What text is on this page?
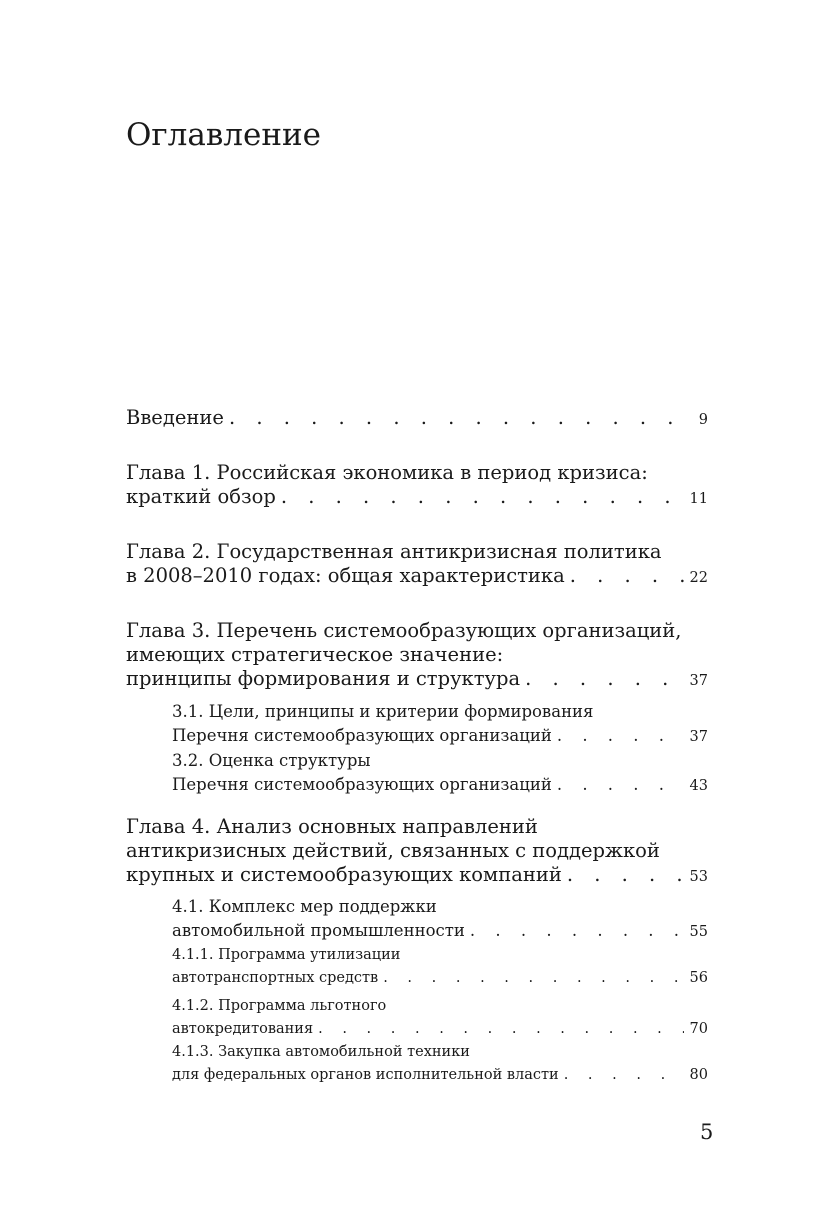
Оглавление
Введение . . .	9
Глава 1. Российская экономика в период кризиса:
краткий обзор . . .	11
Глава 2. Государственная антикризисная политика
в 2008–2010 годах: общая характеристика . . .	22
Глава 3. Перечень системообразующих организаций,
имеющих стратегическое значение:
принципы формирования и структура . . .	37
3.1. Цели, принципы и критерии формирования
Перечня системообразующих организаций . . .	37
3.2. Оценка структуры
Перечня системообразующих организаций . . .	43
Глава 4. Анализ основных направлений
антикризисных действий, связанных с поддержкой
крупных и системообразующих компаний . . .	53
4.1. Комплекс мер поддержки
автомобильной промышленности . . .	55
4.1.1. Программа утилизации
автотранспортных средств . . .	56
4.1.2. Программа льготного
автокредитования . . .	70
4.1.3. Закупка автомобильной техники
для федеральных органов исполнительной власти . . .	80
5
